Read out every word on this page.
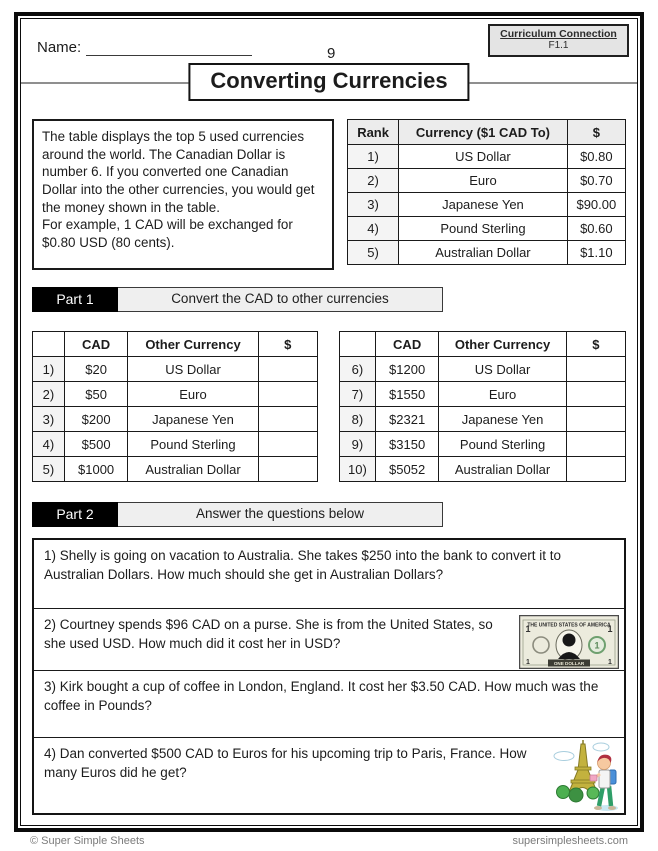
Name:	9
Curriculum Connection
F1.1
Converting Currencies
The table displays the top 5 used currencies around the world. The Canadian Dollar is number 6. If you converted one Canadian Dollar into the other currencies, you would get the money shown in the table.
For example, 1 CAD will be exchanged for $0.80 USD (80 cents).
Rank	Currency ($1 CAD To)	$
1)	US Dollar	$0.80
2)	Euro	$0.70
3)	Japanese Yen	$90.00
4)	Pound Sterling	$0.60
5)	Australian Dollar	$1.10
Part 1	Convert the CAD to other currencies
	CAD	Other Currency	$
1)	$20	US Dollar	
2)	$50	Euro	
3)	$200	Japanese Yen	
4)	$500	Pound Sterling	
5)	$1000	Australian Dollar	
	CAD	Other Currency	$
6)	$1200	US Dollar	
7)	$1550	Euro	
8)	$2321	Japanese Yen	
9)	$3150	Pound Sterling	
10)	$5052	Australian Dollar	
Part 2	Answer the questions below
1) Shelly is going on vacation to Australia. She takes $250 into the bank to convert it to Australian Dollars. How much should she get in Australian Dollars?
2) Courtney spends $96 CAD on a purse. She is from the United States, so she used USD. How much did it cost her in USD?
THE UNITED STATES OF AMERICA
1	1
1	1
1
ONE DOLLAR
3) Kirk bought a cup of coffee in London, England. It cost her $3.50 CAD. How much was the coffee in Pounds?
4) Dan converted $500 CAD to Euros for his upcoming trip to Paris, France. How many Euros did he get?
© Super Simple Sheets	supersimplesheets.com
